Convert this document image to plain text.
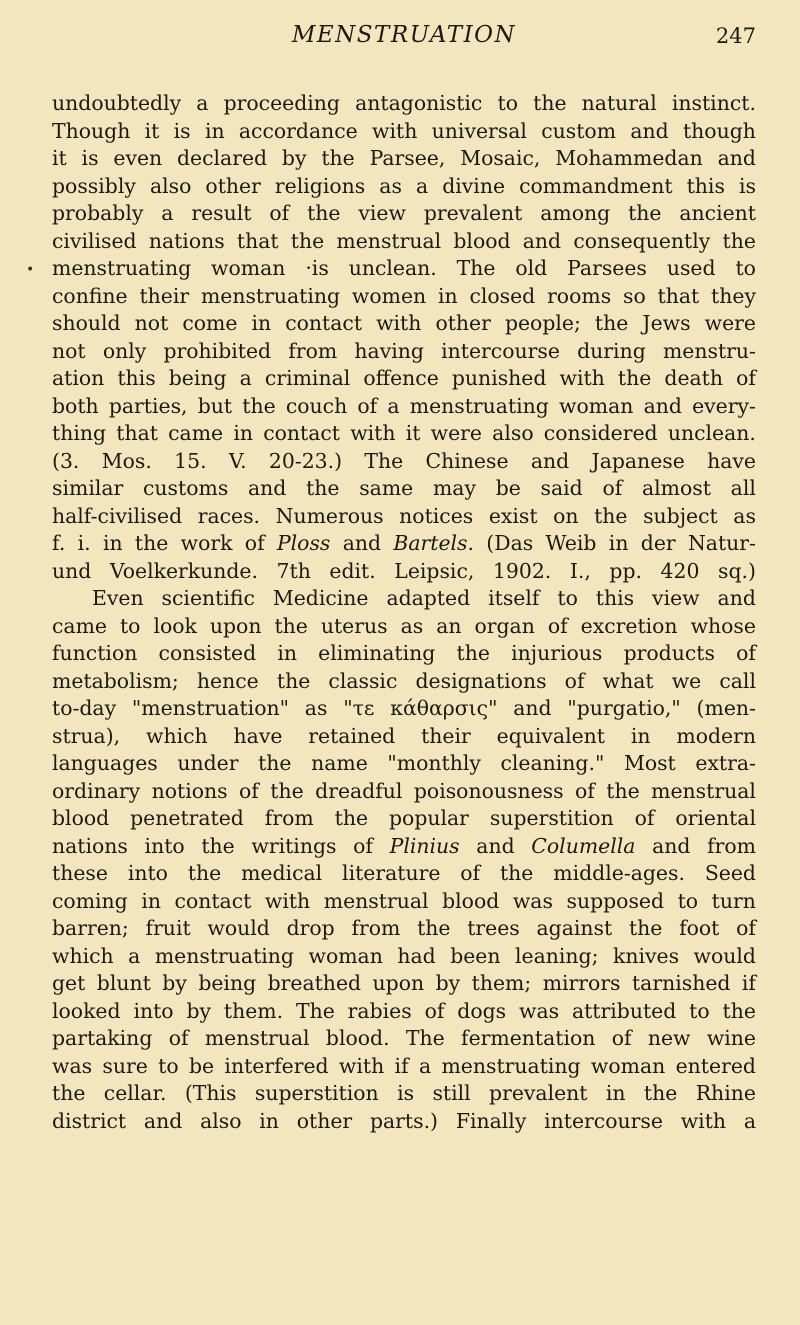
MENSTRUATION	247
•
undoubtedly a proceeding antagonistic to the natural instinct.
Though it is in accordance with universal custom and though
it is even declared by the Parsee, Mosaic, Mohammedan and
possibly also other religions as a divine commandment this is
probably a result of the view prevalent among the ancient
civilised nations that the menstrual blood and consequently the
menstruating woman ·is unclean. The old Parsees used to
confine their menstruating women in closed rooms so that they
should not come in contact with other people; the Jews were
not only prohibited from having intercourse during menstru-
ation this being a criminal offence punished with the death of
both parties, but the couch of a menstruating woman and every-
thing that came in contact with it were also considered unclean.
(3. Mos. 15. V. 20-23.) The Chinese and Japanese have
similar customs and the same may be said of almost all
half-civilised races. Numerous notices exist on the subject as
f. i. in the work of Ploss and Bartels. (Das Weib in der Natur-
und Voelkerkunde. 7th edit. Leipsic, 1902. I., pp. 420 sq.)
Even scientific Medicine adapted itself to this view and
came to look upon the uterus as an organ of excretion whose
function consisted in eliminating the injurious products of
metabolism; hence the classic designations of what we call
to-day "menstruation" as "τε κάθαρσις" and "purgatio," (men-
strua), which have retained their equivalent in modern
languages under the name "monthly cleaning." Most extra-
ordinary notions of the dreadful poisonousness of the menstrual
blood penetrated from the popular superstition of oriental
nations into the writings of Plinius and Columella and from
these into the medical literature of the middle-ages. Seed
coming in contact with menstrual blood was supposed to turn
barren; fruit would drop from the trees against the foot of
which a menstruating woman had been leaning; knives would
get blunt by being breathed upon by them; mirrors tarnished if
looked into by them. The rabies of dogs was attributed to the
partaking of menstrual blood. The fermentation of new wine
was sure to be interfered with if a menstruating woman entered
the cellar. (This superstition is still prevalent in the Rhine
district and also in other parts.) Finally intercourse with a
